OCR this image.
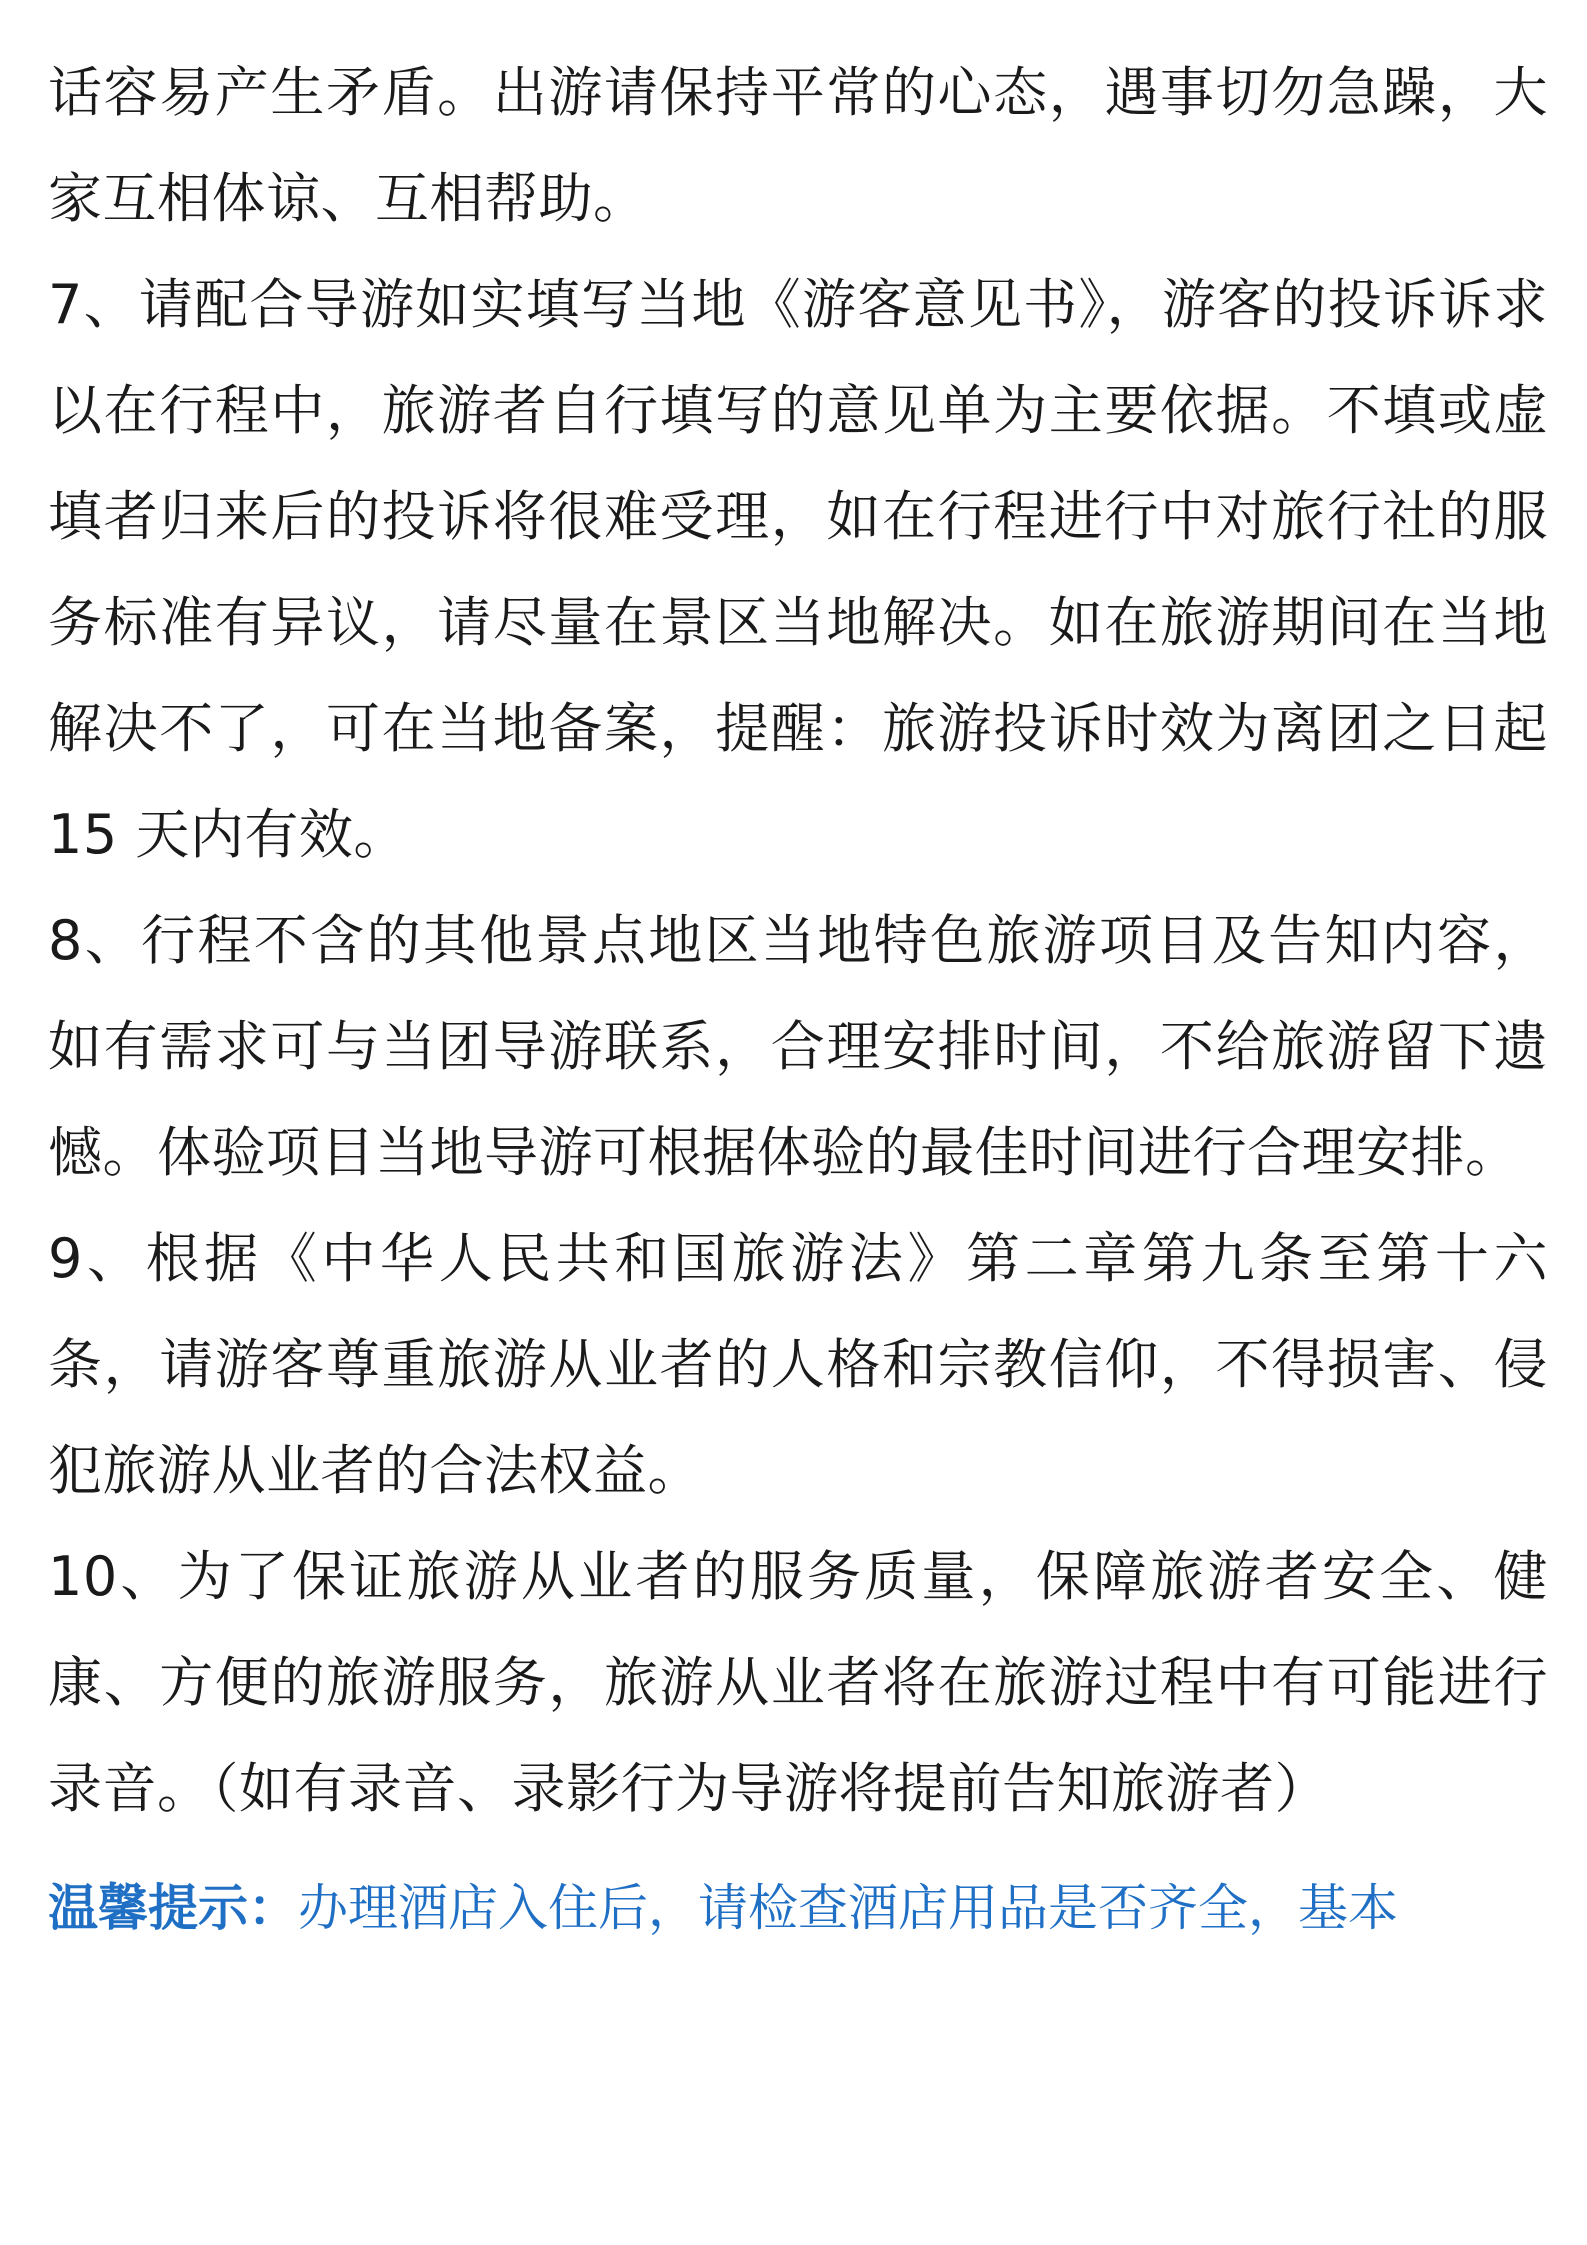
话容易产生矛盾。出游请保持平常的心态，遇事切勿急躁，大家互相体谅、互相帮助。

7、请配合导游如实填写当地《游客意见书》，游客的投诉诉求以在行程中，旅游者自行填写的意见单为主要依据。不填或虚填者归来后的投诉将很难受理，如在行程进行中对旅行社的服务标准有异议，请尽量在景区当地解决。如在旅游期间在当地解决不了，可在当地备案，提醒：旅游投诉时效为离团之日起 15 天内有效。

8、行程不含的其他景点地区当地特色旅游项目及告知内容，如有需求可与当团导游联系，合理安排时间，不给旅游留下遗憾。体验项目当地导游可根据体验的最佳时间进行合理安排。

9、根据《中华人民共和国旅游法》第二章第九条至第十六条，请游客尊重旅游从业者的人格和宗教信仰，不得损害、侵犯旅游从业者的合法权益。

10、为了保证旅游从业者的服务质量，保障旅游者安全、健康、方便的旅游服务，旅游从业者将在旅游过程中有可能进行录音。（如有录音、录影行为导游将提前告知旅游者）

温馨提示：办理酒店入住后，请检查酒店用品是否齐全，基本
